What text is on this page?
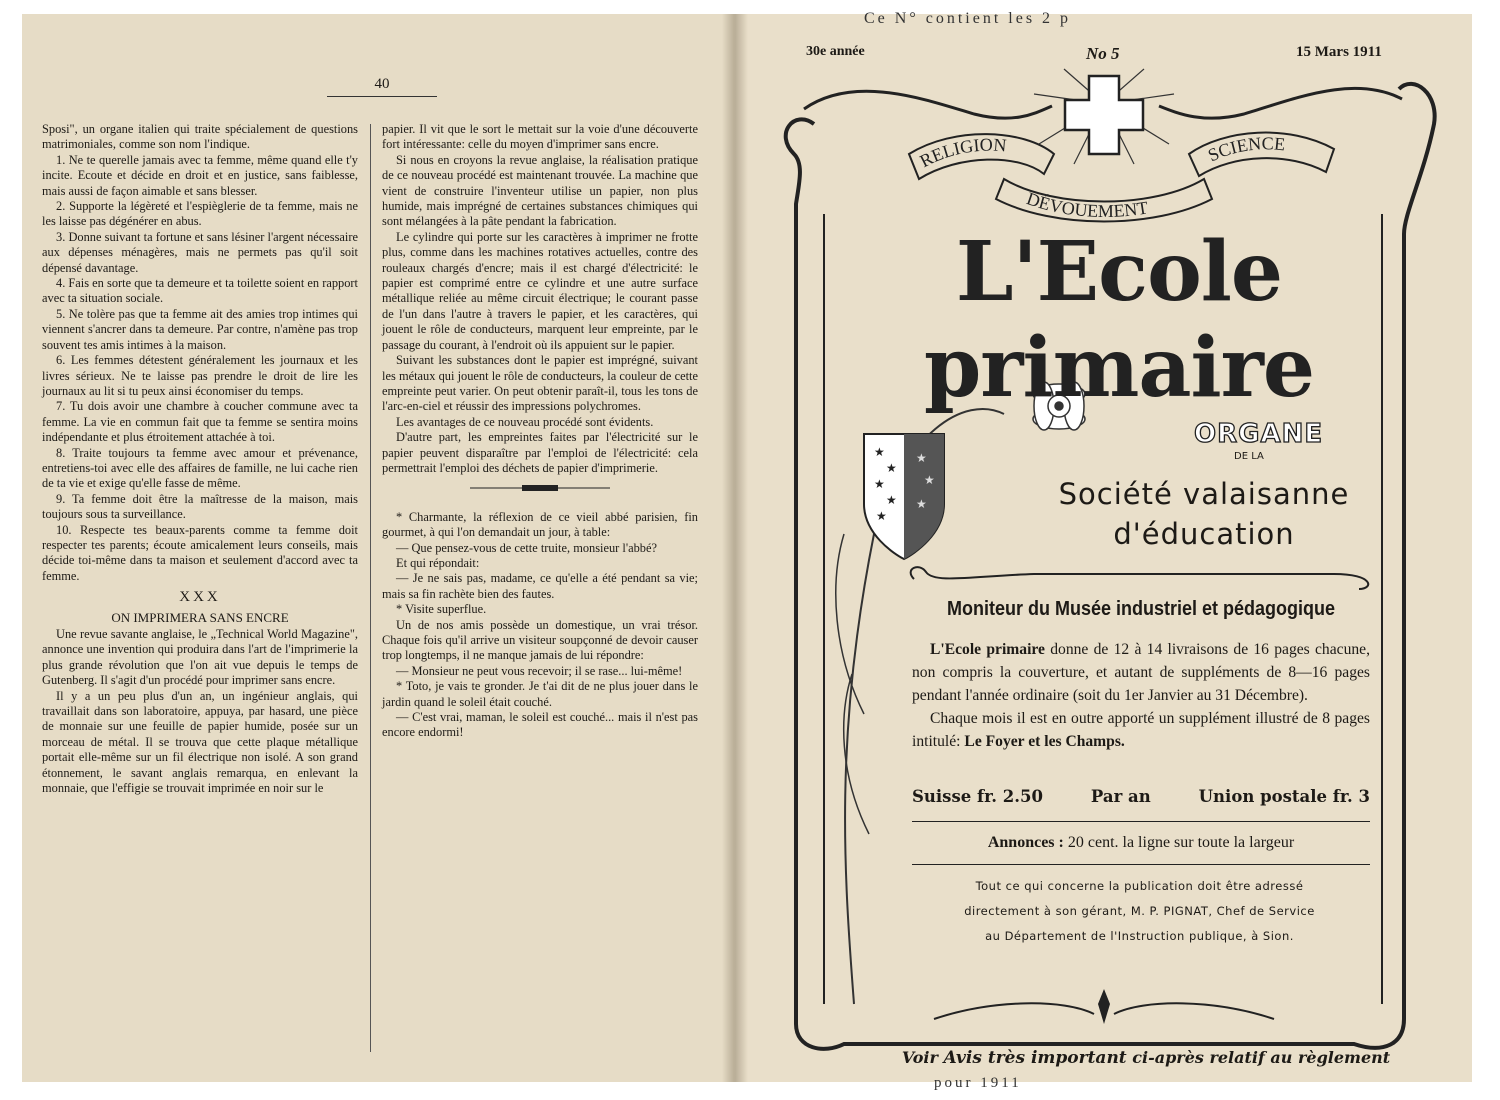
40

Sposi", un organe italien qui traite spécialement de questions matrimoniales, comme son nom l'indique.

1. Ne te querelle jamais avec ta femme, même quand elle t'y incite. Ecoute et décide en droit et en justice, sans faiblesse, mais aussi de façon aimable et sans blesser.

2. Supporte la légèreté et l'espièglerie de ta femme, mais ne les laisse pas dégénérer en abus.

3. Donne suivant ta fortune et sans lésiner l'argent nécessaire aux dépenses ménagères, mais ne permets pas qu'il soit dépensé davantage.

4. Fais en sorte que ta demeure et ta toilette soient en rapport avec ta situation sociale.

5. Ne tolère pas que ta femme ait des amies trop intimes qui viennent s'ancrer dans ta demeure. Par contre, n'amène pas trop souvent tes amis intimes à la maison.

6. Les femmes détestent généralement les journaux et les livres sérieux. Ne te laisse pas prendre le droit de lire les journaux au lit si tu peux ainsi économiser du temps.

7. Tu dois avoir une chambre à coucher commune avec ta femme. La vie en commun fait que ta femme se sentira moins indépendante et plus étroitement attachée à toi.

8. Traite toujours ta femme avec amour et prévenance, entretiens-toi avec elle des affaires de famille, ne lui cache rien de ta vie et exige qu'elle fasse de même.

9. Ta femme doit être la maîtresse de la maison, mais toujours sous ta surveillance.

10. Respecte tes beaux-parents comme ta femme doit respecter tes parents; écoute amicalement leurs conseils, mais décide toi-même dans ta maison et seulement d'accord avec ta femme.

XXX
ON IMPRIMERA SANS ENCRE

Une revue savante anglaise, le „Technical World Magazine", annonce une invention qui produira dans l'art de l'imprimerie la plus grande révolution que l'on ait vue depuis le temps de Gutenberg. Il s'agit d'un procédé pour imprimer sans encre.

Il y a un peu plus d'un an, un ingénieur anglais, qui travaillait dans son laboratoire, appuya, par hasard, une pièce de monnaie sur une feuille de papier humide, posée sur un morceau de métal. Il se trouva que cette plaque métallique portait elle-même sur un fil électrique non isolé. A son grand étonnement, le savant anglais remarqua, en enlevant la monnaie, que l'effigie se trouvait imprimée en noir sur le

papier. Il vit que le sort le mettait sur la voie d'une découverte fort intéressante: celle du moyen d'imprimer sans encre.

Si nous en croyons la revue anglaise, la réalisation pratique de ce nouveau procédé est maintenant trouvée. La machine que vient de construire l'inventeur utilise un papier, non plus humide, mais imprégné de certaines substances chimiques qui sont mélangées à la pâte pendant la fabrication.

Le cylindre qui porte sur les caractères à imprimer ne frotte plus, comme dans les machines rotatives actuelles, contre des rouleaux chargés d'encre; mais il est chargé d'électricité: le papier est comprimé entre ce cylindre et une autre surface métallique reliée au même circuit électrique; le courant passe de l'un dans l'autre à travers le papier, et les caractères, qui jouent le rôle de conducteurs, marquent leur empreinte, par le passage du courant, à l'endroit où ils appuient sur le papier.

Suivant les substances dont le papier est imprégné, suivant les métaux qui jouent le rôle de conducteurs, la couleur de cette empreinte peut varier. On peut obtenir paraît-il, tous les tons de l'arc-en-ciel et réussir des impressions polychromes.

Les avantages de ce nouveau procédé sont évidents.

D'autre part, les empreintes faites par l'électricité sur le papier peuvent disparaître par l'emploi de l'électricité: cela permettrait l'emploi des déchets de papier d'imprimerie.

* Charmante, la réflexion de ce vieil abbé parisien, fin gourmet, à qui l'on demandait un jour, à table:

— Que pensez-vous de cette truite, monsieur l'abbé?

Et qui répondait:

— Je ne sais pas, madame, ce qu'elle a été pendant sa vie; mais sa fin rachète bien des fautes.

* Visite superflue.

Un de nos amis possède un domestique, un vrai trésor. Chaque fois qu'il arrive un visiteur soupçonné de devoir causer trop longtemps, il ne manque jamais de lui répondre:

— Monsieur ne peut vous recevoir; il se rase... lui-même!

* Toto, je vais te gronder. Je t'ai dit de ne plus jouer dans le jardin quand le soleil était couché.

— C'est vrai, maman, le soleil est couché... mais il n'est pas encore endormi!

Ce N° contient les 2 p
30e année	No 5	15 Mars 1911
★
★
★
★
★
★
★
★
RELIGION
DÉVOUEMENT
SCIENCE
L'Ecole primaire
ORGANE
DE LA
Société valaisanne
d'éducation
Moniteur du Musée industriel et pédagogique

L'Ecole primaire donne de 12 à 14 livraisons de 16 pages chacune, non compris la couverture, et autant de suppléments de 8—16 pages pendant l'année ordinaire (soit du 1er Janvier au 31 Décembre).

Chaque mois il est en outre apporté un supplément illustré de 8 pages intitulé: Le Foyer et les Champs.

Suisse fr. 2.50	Par an	Union postale fr. 3
Annonces : 20 cent. la ligne sur toute la largeur
Tout ce qui concerne la publication doit être adressé
directement à son gérant, M. P. PIGNAT, Chef de Service
au Département de l'Instruction publique, à Sion.
Voir Avis très important ci-après relatif au règlement
pour 1911
